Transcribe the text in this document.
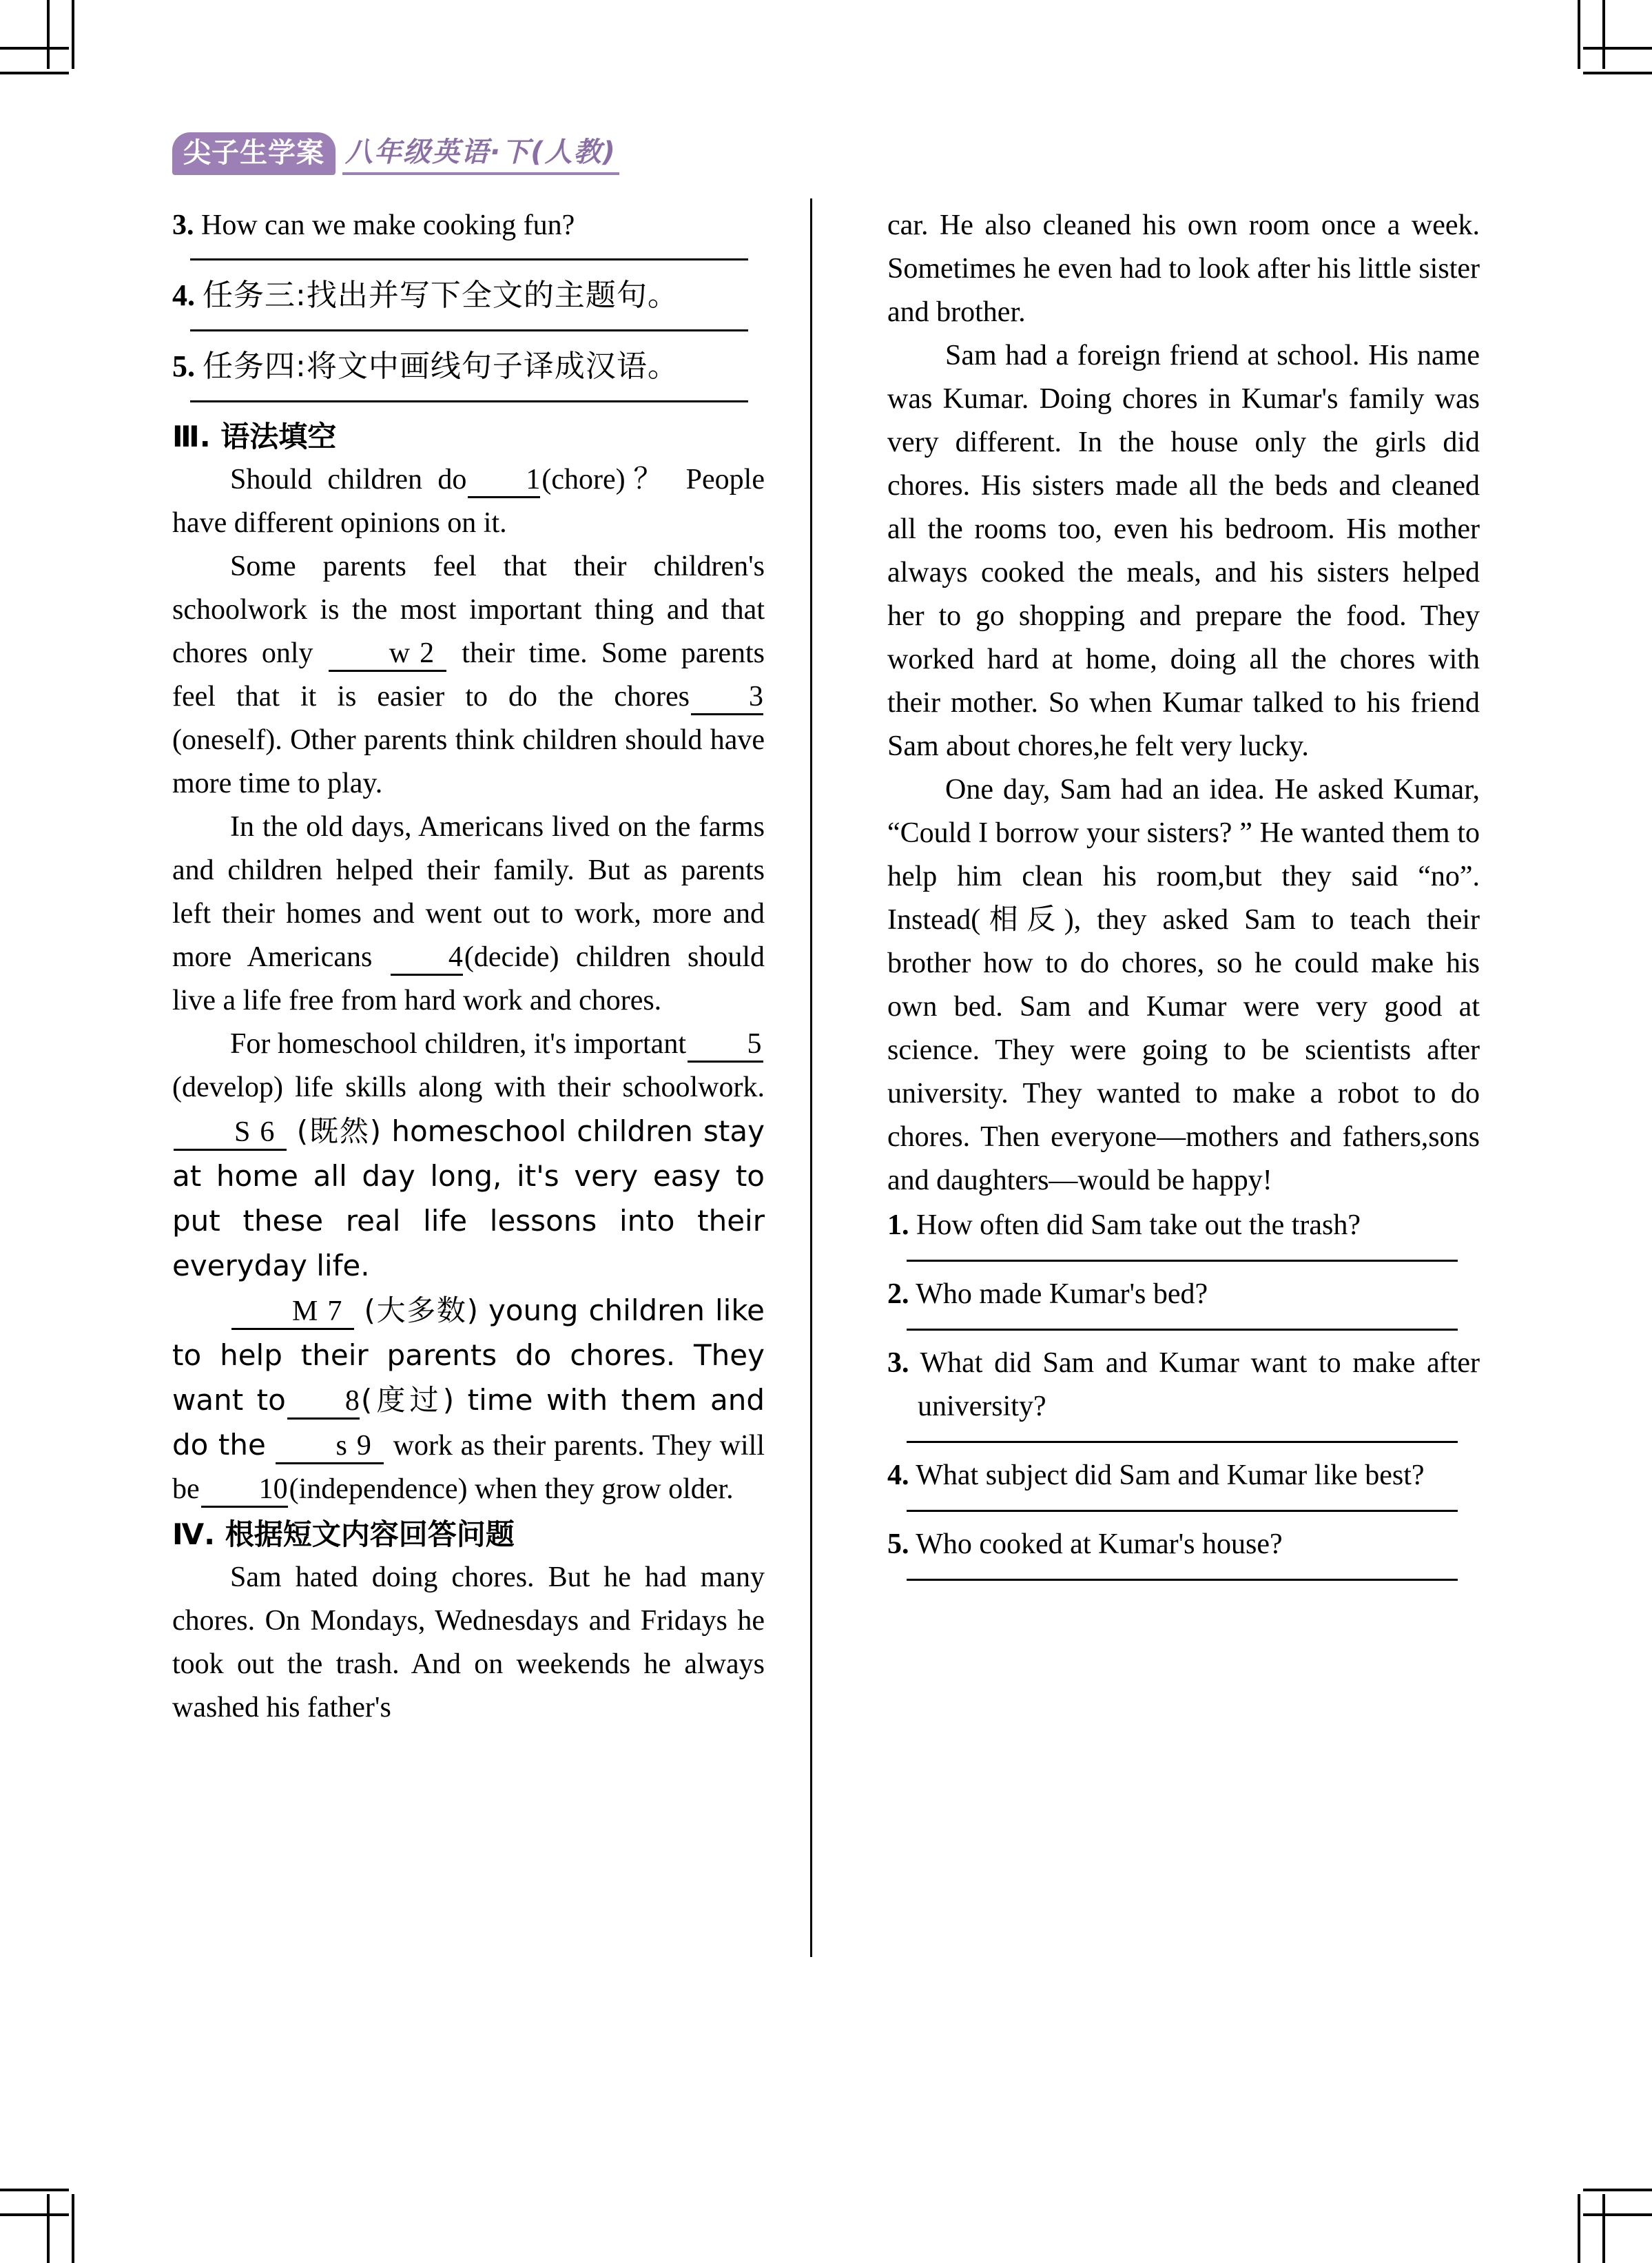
尖子生学案 八年级英语·下(人教)

3. How can we make cooking fun?

4. 任务三:找出并写下全文的主题句。

5. 任务四:将文中画线句子译成汉语。

Ⅲ. 语法填空

Should children do 1(chore)？ People have different opinions on it.

Some parents feel that their children's schoolwork is the most important thing and that chores only	w 2 their time. Some parents feel that it is easier to do the chores 3(oneself). Other parents think children should have more time to play.

In the old days, Americans lived on the farms and children helped their family. But as parents left their homes and went out to work, more and more Americans	4(decide) children should live a life free from hard work and chores.

For homeschool children, it's important 5(develop) life skills along with their schoolwork. S 6 (既然) homeschool children stay at home all day long, it's very easy to put these real life lessons into their everyday life.

M 7 (大多数) young children like to help their parents do chores. They want to 8(度过) time with them and do the s 9 work as their parents. They will be 10(independence) when they grow older.

Ⅳ. 根据短文内容回答问题

Sam hated doing chores. But he had many chores. On Mondays, Wednesdays and Fridays he took out the trash. And on weekends he always washed his father's

car. He also cleaned his own room once a week. Sometimes he even had to look after his little sister and brother.

Sam had a foreign friend at school. His name was Kumar. Doing chores in Kumar's family was very different. In the house only the girls did chores. His sisters made all the beds and cleaned all the rooms too, even his bedroom. His mother always cooked the meals, and his sisters helped her to go shopping and prepare the food. They worked hard at home, doing all the chores with their mother. So when Kumar talked to his friend Sam about chores,he felt very lucky.

One day, Sam had an idea. He asked Kumar, “Could I borrow your sisters? ” He wanted them to help him clean his room,but they said “no”. Instead(相反), they asked Sam to teach their brother how to do chores, so he could make his own bed. Sam and Kumar were very good at science. They were going to be scientists after university. They wanted to make a robot to do chores. Then everyone—mothers and fathers,sons and daughters—would be happy!

1. How often did Sam take out the trash?

2. Who made Kumar's bed?

3. What did Sam and Kumar want to make after university?

4. What subject did Sam and Kumar like best?

5. Who cooked at Kumar's house?
